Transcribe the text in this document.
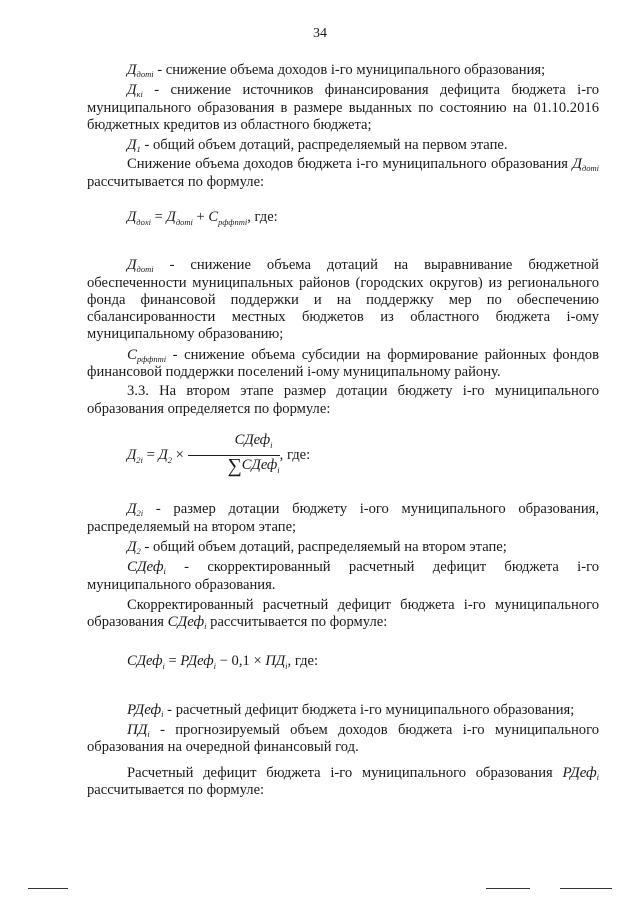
34

$Д_{доті}$ - снижение объема доходов i-го муниципального образования;

$Д_{кі}$ - снижение источников финансирования дефицита бюджета i-го муниципального образования в размере выданных по состоянию на 01.10.2016 бюджетных кредитов из областного бюджета;

$Д_1$ - общий объем дотаций, распределяемый на первом этапе.

Снижение объема доходов бюджета i-го муниципального образования $Д_{доті}$ рассчитывается по формуле:

$Д_{доxі} = Д_{дотi} + C_{рффпті}$, где:

$Д_{доті}$ - снижение объема дотаций на выравнивание бюджетной обеспеченности муниципальных районов (городских округов) из регионального фонда финансовой поддержки и на поддержку мер по обеспечению сбалансированности местных бюджетов из областного бюджета i-ому муниципальному образованию;

$С_{рффпті}$ - снижение объема субсидии на формирование районных фондов финансовой поддержки поселений i-ому муниципальному району.

3.3. На втором этапе размер дотации бюджету i-го муниципального образования определяется по формуле:

$Д_{2i} = Д_2 \times \frac{СДеф_i}{\sum СДеф_i}$ , где:

$Д_{2i}$ - размер дотации бюджету i-ого муниципального образования, распределяемый на втором этапе;

$Д_2$ - общий объем дотаций, распределяемый на втором этапе;

СДеф$_i$ - скорректированный расчетный дефицит бюджета i-го муниципального образования.

Скорректированный расчетный дефицит бюджета i-го муниципального образования СДеф$_i$ рассчитывается по формуле:

СДеф$_i$ = РДеф$_i$ − $0,1 \times ПД_i$, где:

РДеф$_i$ - расчетный дефицит бюджета i-го муниципального образования;

$ПД_i$ - прогнозируемый объем доходов бюджета i-го муниципального образования на очередной финансовый год.

Расчетный дефицит бюджета i-го муниципального образования РДеф$_i$ рассчитывается по формуле:
